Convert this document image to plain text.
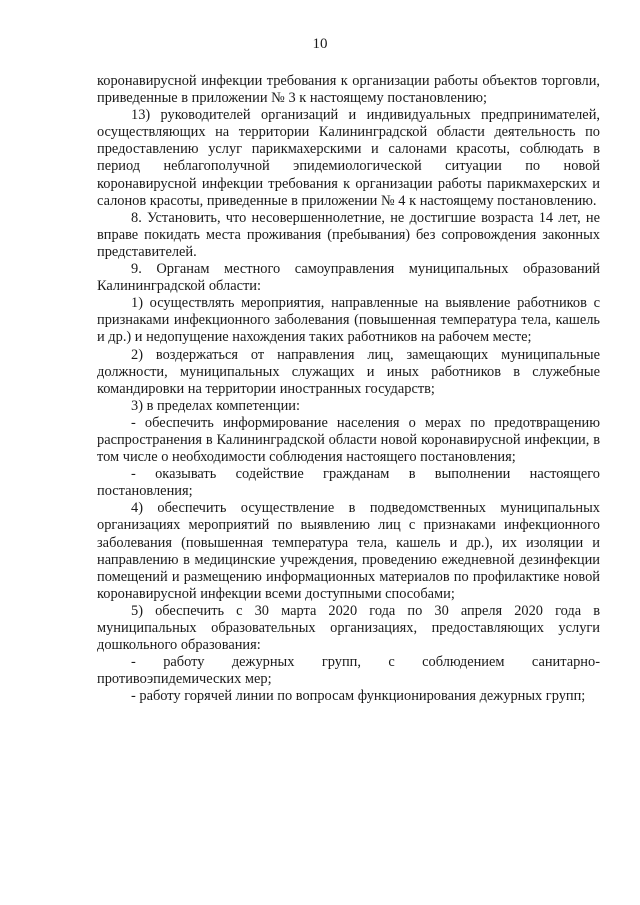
10

коронавирусной инфекции требования к организации работы объектов торговли, приведенные в приложении № 3 к настоящему постановлению;

13) руководителей организаций и индивидуальных предпринимателей, осуществляющих на территории Калининградской области деятельность по предоставлению услуг парикмахерскими и салонами красоты, соблюдать в период неблагополучной эпидемиологической ситуации по новой коронавирусной инфекции требования к организации работы парикмахерских и салонов красоты, приведенные в приложении № 4 к настоящему постановлению.

8. Установить, что несовершеннолетние, не достигшие возраста 14 лет, не вправе покидать места проживания (пребывания) без сопровождения законных представителей.

9. Органам местного самоуправления муниципальных образований Калининградской области:

1) осуществлять мероприятия, направленные на выявление работников с признаками инфекционного заболевания (повышенная температура тела, кашель и др.) и недопущение нахождения таких работников на рабочем месте;

2) воздержаться от направления лиц, замещающих муниципальные должности, муниципальных служащих и иных работников в служебные командировки на территории иностранных государств;

3) в пределах компетенции:

- обеспечить информирование населения о мерах по предотвращению распространения в Калининградской области новой коронавирусной инфекции, в том числе о необходимости соблюдения настоящего постановления;

- оказывать содействие гражданам в выполнении настоящего постановления;

4) обеспечить осуществление в подведомственных муниципальных организациях мероприятий по выявлению лиц с признаками инфекционного заболевания (повышенная температура тела, кашель и др.), их изоляции и направлению в медицинские учреждения, проведению ежедневной дезинфекции помещений и размещению информационных материалов по профилактике новой коронавирусной инфекции всеми доступными способами;

5) обеспечить с 30 марта 2020 года по 30 апреля 2020 года в муниципальных образовательных организациях, предоставляющих услуги дошкольного образования:

- работу дежурных групп, с соблюдением санитарно-противоэпидемических мер;

- работу горячей линии по вопросам функционирования дежурных групп;
